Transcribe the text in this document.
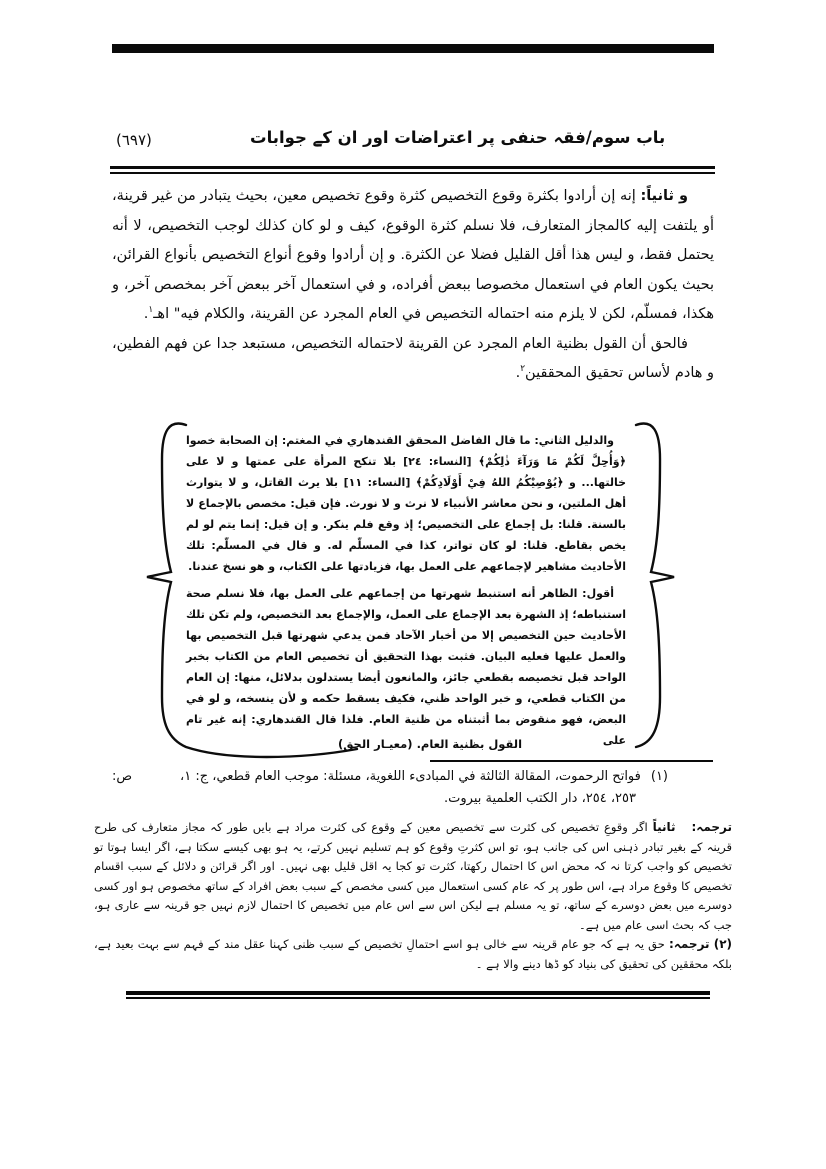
(٦٩٧)	باب سوم/فقہ حنفی پر اعتراضات اور ان کے جوابات

و ثانياً: إنه إن أرادوا بكثرة وقوع التخصيص كثرة وقوع تخصيص معين، بحيث يتبادر من غير قرينة، أو يلتفت إليه كالمجاز المتعارف، فلا نسلم كثرة الوقوع، كيف و لو كان كذلك لوجب التخصيص، لا أنه يحتمل فقط، و ليس هذا أقل القليل فضلا عن الكثرة. و إن أرادوا وقوع أنواع التخصيص بأنواع القرائن، بحيث يكون العام في استعمال مخصوصا ببعض أفراده، و في استعمال آخر ببعض آخر بمخصص آخر، و هكذا، فمسلّم، لكن لا يلزم منه احتماله التخصيص في العام المجرد عن القرينة، والكلام فيه" اهـ$^١$.

فالحق أن القول بظنية العام المجرد عن القرينة لاحتماله التخصيص، مستبعد جدا عن فهم الفطين، و هادم لأساس تحقيق المحققين$^٢$.

والدليل الثاني: ما قال الفاضل المحقق القندهاري في المغتم: إن الصحابة خصوا ﴿وَأُحِلَّ لَكُمْ مَا وَرَآءَ ذٰلِكُمْ﴾ [النساء: ٢٤] بلا تنكح المرأة على عمتها و لا على خالتها... و ﴿يُوْصِيْكُمُ اللهُ فِيْ أَوْلَادِكُمْ﴾ [النساء: ١١] بلا يرث القاتل، و لا يتوارث أهل الملتين، و نحن معاشر الأنبياء لا نرث و لا نورث. فإن قيل: مخصص بالإجماع لا بالسنة. قلنا: بل إجماع على التخصيص؛ إذ وقع فلم ينكر. و إن قيل: إنما يتم لو لم يخص بقاطع. قلنا: لو كان تواتر، كذا في المسلّم له. و قال في المسلّم: تلك الأحاديث مشاهير لإجماعهم على العمل بها، فزيادتها على الكتاب، و هو نسخ عندنا.

أقول: الظاهر أنه استنبط شهرتها من إجماعهم على العمل بها، فلا نسلم صحة استنباطه؛ إذ الشهرة بعد الإجماع على العمل، والإجماع بعد التخصيص، ولم تكن تلك الأحاديث حين التخصيص إلا من أخبار الآحاد فمن يدعي شهرتها قبل التخصيص بها والعمل عليها فعليه البيان. فثبت بهذا التحقيق أن تخصيص العام من الكتاب بخبر الواحد قبل تخصيصه بقطعي جائز، والمانعون أيضا يستدلون بدلائل، منها: إن العام من الكتاب قطعي، و خبر الواحد ظني، فكيف يسقط حكمه و لأن ينسخه، و لو في البعض، فهو منقوض بما أثبتناه من ظنية العام. فلذا قال القندهاري: إنه غير تام على

القول بظنية العام. (معيـار الحق)
(١)
فواتح الرحموت، المقالة الثالثة في المبادىء اللغوية، مسئلة: موجب العام قطعي، ج: ١،
ص:
٢٥٣، ٢٥٤، دار الكتب العلمية بيروت.

ترجمہ:ثانیاً اگر وقوعِ تخصیص کی کثرت سے تخصیص معین کے وقوع کی کثرت مراد ہے بایں طور کہ مجاز متعارف کی طرح قرینہ کے بغیر تبادر ذہنی اس کی جانب ہو، تو اس کثرتِ وقوع کو ہم تسلیم نہیں کرتے، یہ ہو بھی کیسے سکتا ہے، اگر ایسا ہوتا تو تخصیص کو واجب کرتا نہ کہ محض اس کا احتمال رکھتا، کثرت تو کجا یہ اقل قلیل بھی نہیں۔ اور اگر قرائن و دلائل کے سبب اقسام تخصیص کا وقوع مراد ہے، اس طور پر کہ عام کسی استعمال میں کسی مخصص کے سبب بعض افراد کے ساتھ مخصوص ہو اور کسی دوسرے میں بعض دوسرے کے ساتھ، تو یہ مسلم ہے لیکن اس سے اس عام میں تخصیص کا احتمال لازم نہیں جو قرینہ سے عاری ہو، جب کہ بحث اسی عام میں ہے۔

(۲) ترجمہ: حق یہ ہے کہ جو عام قرینہ سے خالی ہو اسے احتمالِ تخصیص کے سبب ظنی کہنا عقل مند کے فہم سے بہت بعید ہے، بلکہ محققین کی تحقیق کی بنیاد کو ڈھا دینے والا ہے ۔
